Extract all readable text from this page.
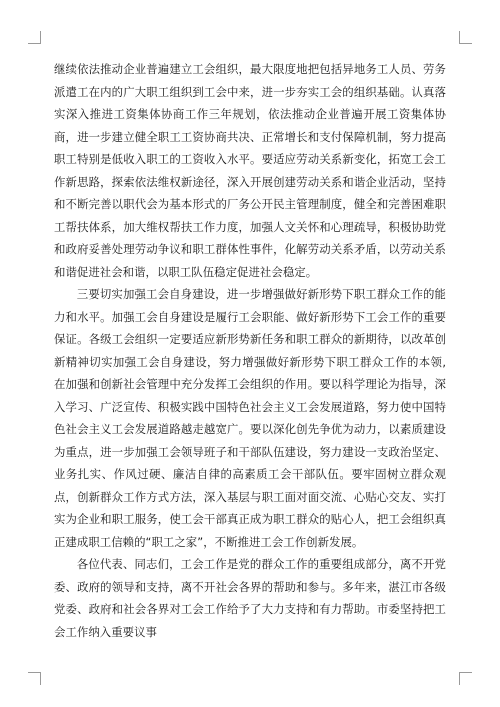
继续依法推动企业普遍建立工会组织，最大限度地把包括异地务工人员、劳务派遣工在内的广大职工组织到工会中来，进一步夯实工会的组织基础。认真落实深入推进工资集体协商工作三年规划，依法推动企业普遍开展工资集体协商，进一步建立健全职工工资协商共决、正常增长和支付保障机制，努力提高职工特别是低收入职工的工资收入水平。要适应劳动关系新变化，拓宽工会工作新思路，探索依法维权新途径，深入开展创建劳动关系和谐企业活动，坚持和不断完善以职代会为基本形式的厂务公开民主管理制度，健全和完善困难职工帮扶体系，加大维权帮扶工作力度，加强人文关怀和心理疏导，积极协助党和政府妥善处理劳动争议和职工群体性事件，化解劳动关系矛盾，以劳动关系和谐促进社会和谐，以职工队伍稳定促进社会稳定。

三要切实加强工会自身建设，进一步增强做好新形势下职工群众工作的能力和水平。加强工会自身建设是履行工会职能、做好新形势下工会工作的重要保证。各级工会组织一定要适应新形势新任务和职工群众的新期待，以改革创新精神切实加强工会自身建设，努力增强做好新形势下职工群众工作的本领,在加强和创新社会管理中充分发挥工会组织的作用。要以科学理论为指导，深入学习、广泛宣传、积极实践中国特色社会主义工会发展道路，努力使中国特色社会主义工会发展道路越走越宽广。要以深化创先争优为动力，以素质建设为重点，进一步加强工会领导班子和干部队伍建设，努力建设一支政治坚定、业务扎实、作风过硬、廉洁自律的高素质工会干部队伍。要牢固树立群众观点，创新群众工作方式方法，深入基层与职工面对面交流、心贴心交友、实打实为企业和职工服务，使工会干部真正成为职工群众的贴心人，把工会组织真正建成职工信赖的“职工之家”，不断推进工会工作创新发展。

各位代表、同志们，工会工作是党的群众工作的重要组成部分，离不开党委、政府的领导和支持，离不开社会各界的帮助和参与。多年来，湛江市各级党委、政府和社会各界对工会工作给予了大力支持和有力帮助。市委坚持把工会工作纳入重要议事
